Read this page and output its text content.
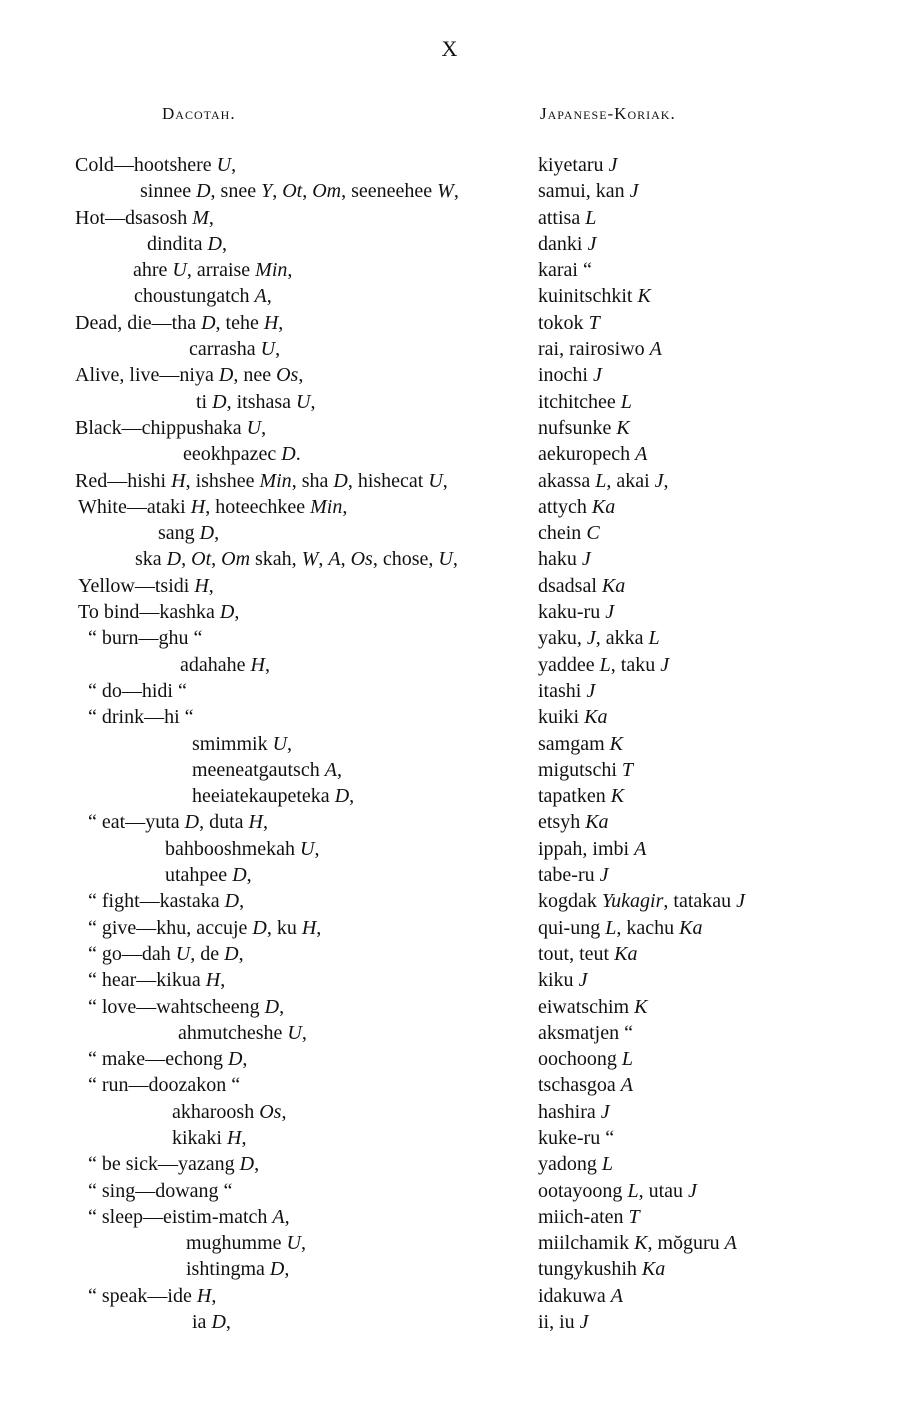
X
Dacotah.	Japanese-Koriak.
Cold—hootshere U,
sinnee D, snee Y, Ot, Om, seeneehee W,
Hot—dsasosh M,
dindita D,
ahre U, arraise Min,
choustungatch A,
Dead, die—tha D, tehe H,
carrasha U,
Alive, live—niya D, nee Os,
ti D, itshasa U,
Black—chippushaka U,
eeokhpazec D.
Red—hishi H, ishshee Min, sha D, hishecat U,
White—ataki H, hoteechkee Min,
sang D,
ska D, Ot, Om skah, W, A, Os, chose, U,
Yellow—tsidi H,
To bind—kashka D,
“ burn—ghu “
adahahe H,
“ do—hidi “
“ drink—hi “
smimmik U,
meeneatgautsch A,
heeiatekaupeteka D,
“ eat—yuta D, duta H,
bahbooshmekah U,
utahpee D,
“ fight—kastaka D,
“ give—khu, accuje D, ku H,
“ go—dah U, de D,
“ hear—kikua H,
“ love—wahtscheeng D,
ahmutcheshe U,
“ make—echong D,
“ run—doozakon “
akharoosh Os,
kikaki H,
“ be sick—yazang D,
“ sing—dowang “
“ sleep—eistim-match A,
mughumme U,
ishtingma D,
“ speak—ide H,
ia D,
kiyetaru J
samui, kan J
attisa L
danki J
karai “
kuinitschkit K
tokok T
rai, rairosiwo A
inochi J
itchitchee L
nufsunke K
aekuropech A
akassa L, akai J,
attych Ka
chein C
haku J
dsadsal Ka
kaku-ru J
yaku, J, akka L
yaddee L, taku J
itashi J
kuiki Ka
samgam K
migutschi T
tapatken K
etsyh Ka
ippah, imbi A
tabe-ru J
kogdak Yukagir, tatakau J
qui-ung L, kachu Ka
tout, teut Ka
kiku J
eiwatschim K
aksmatjen “
oochoong L
tschasgoa A
hashira J
kuke-ru “
yadong L
ootayoong L, utau J
miich-aten T
miilchamik K, mŏguru A
tungykushih Ka
idakuwa A
ii, iu J
